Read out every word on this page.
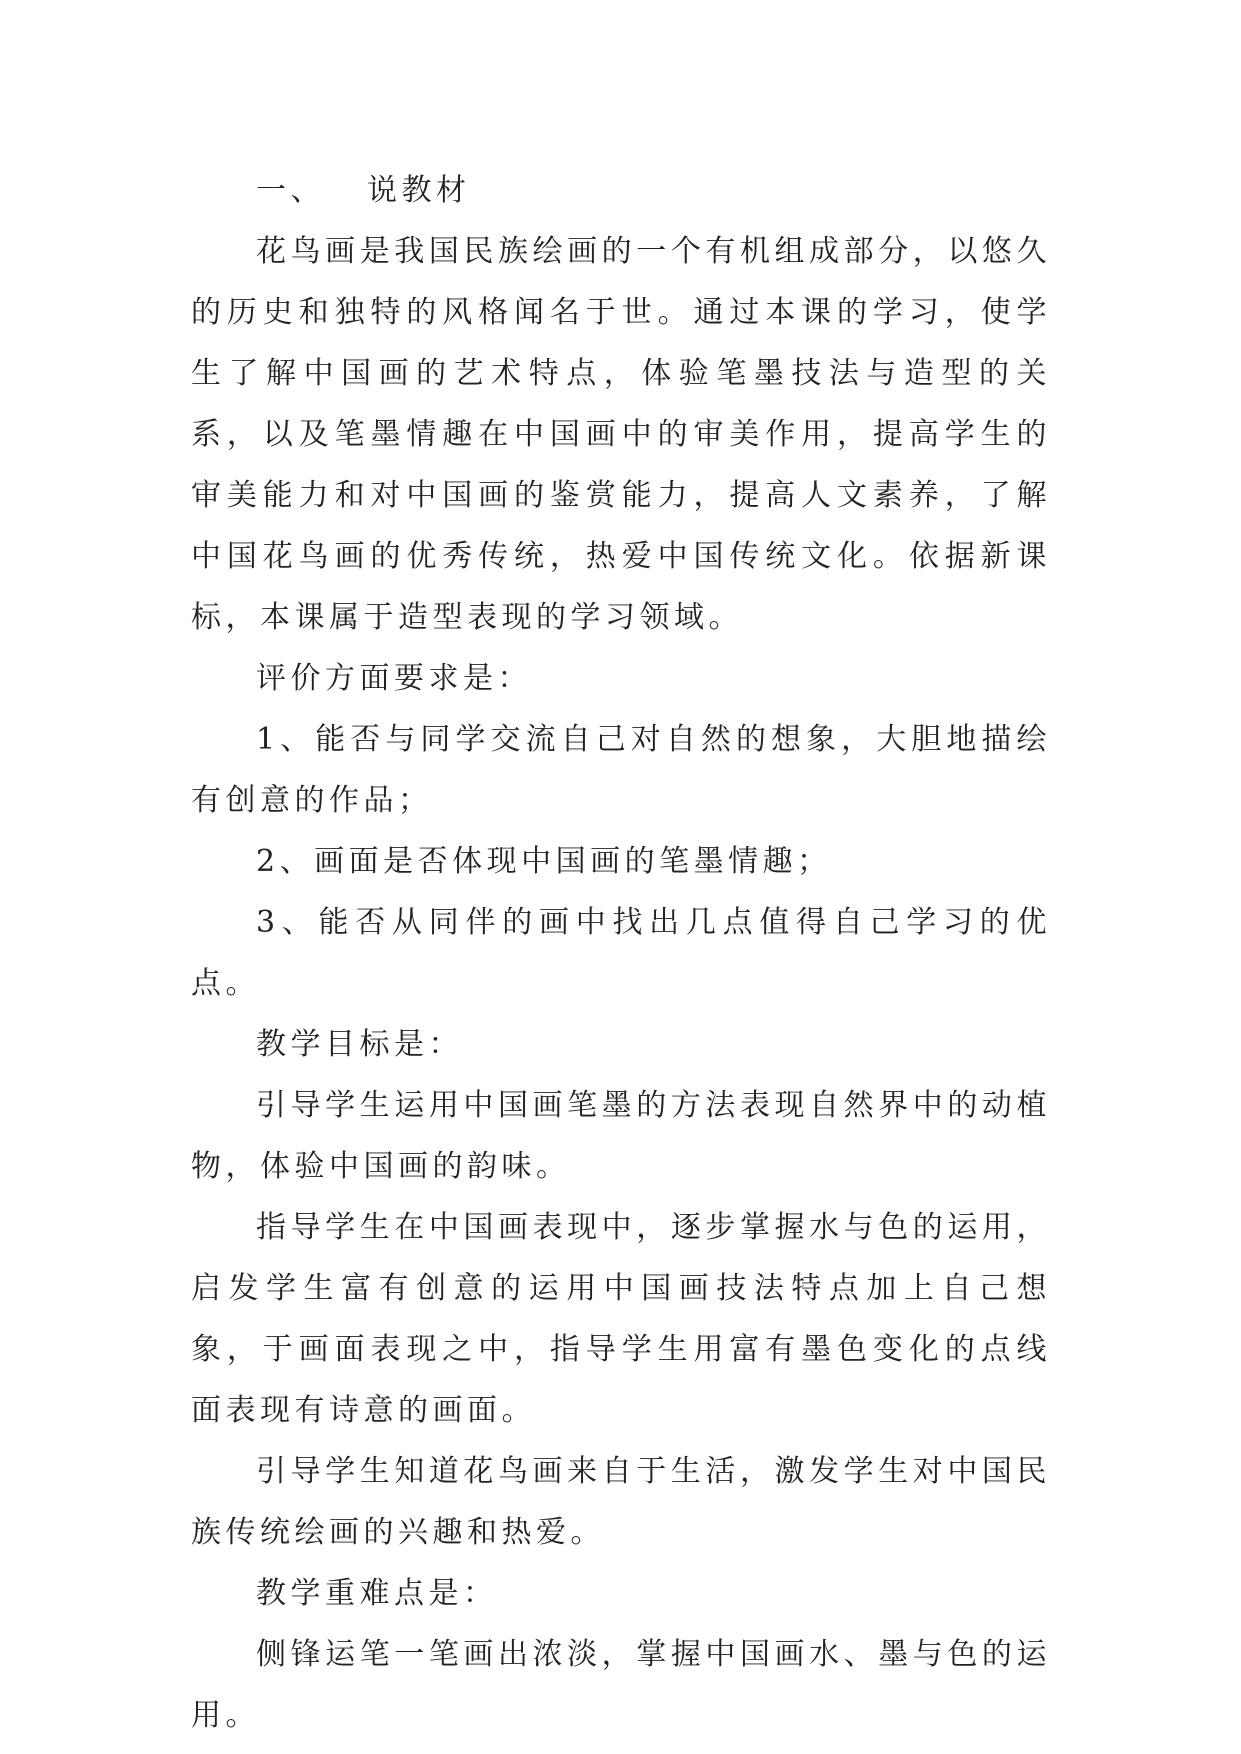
一、 说教材

花鸟画是我国民族绘画的一个有机组成部分，以悠久的历史和独特的风格闻名于世。通过本课的学习，使学生了解中国画的艺术特点，体验笔墨技法与造型的关系，以及笔墨情趣在中国画中的审美作用，提高学生的审美能力和对中国画的鉴赏能力，提高人文素养，了解中国花鸟画的优秀传统，热爱中国传统文化。依据新课标，本课属于造型表现的学习领域。

评价方面要求是：

1、能否与同学交流自己对自然的想象，大胆地描绘有创意的作品；

2、画面是否体现中国画的笔墨情趣；

3、能否从同伴的画中找出几点值得自己学习的优点。

教学目标是：

引导学生运用中国画笔墨的方法表现自然界中的动植物，体验中国画的韵味。

指导学生在中国画表现中，逐步掌握水与色的运用，启发学生富有创意的运用中国画技法特点加上自己想象，于画面表现之中，指导学生用富有墨色变化的点线面表现有诗意的画面。

引导学生知道花鸟画来自于生活，激发学生对中国民族传统绘画的兴趣和热爱。

教学重难点是：

侧锋运笔一笔画出浓淡，掌握中国画水、墨与色的运用。
